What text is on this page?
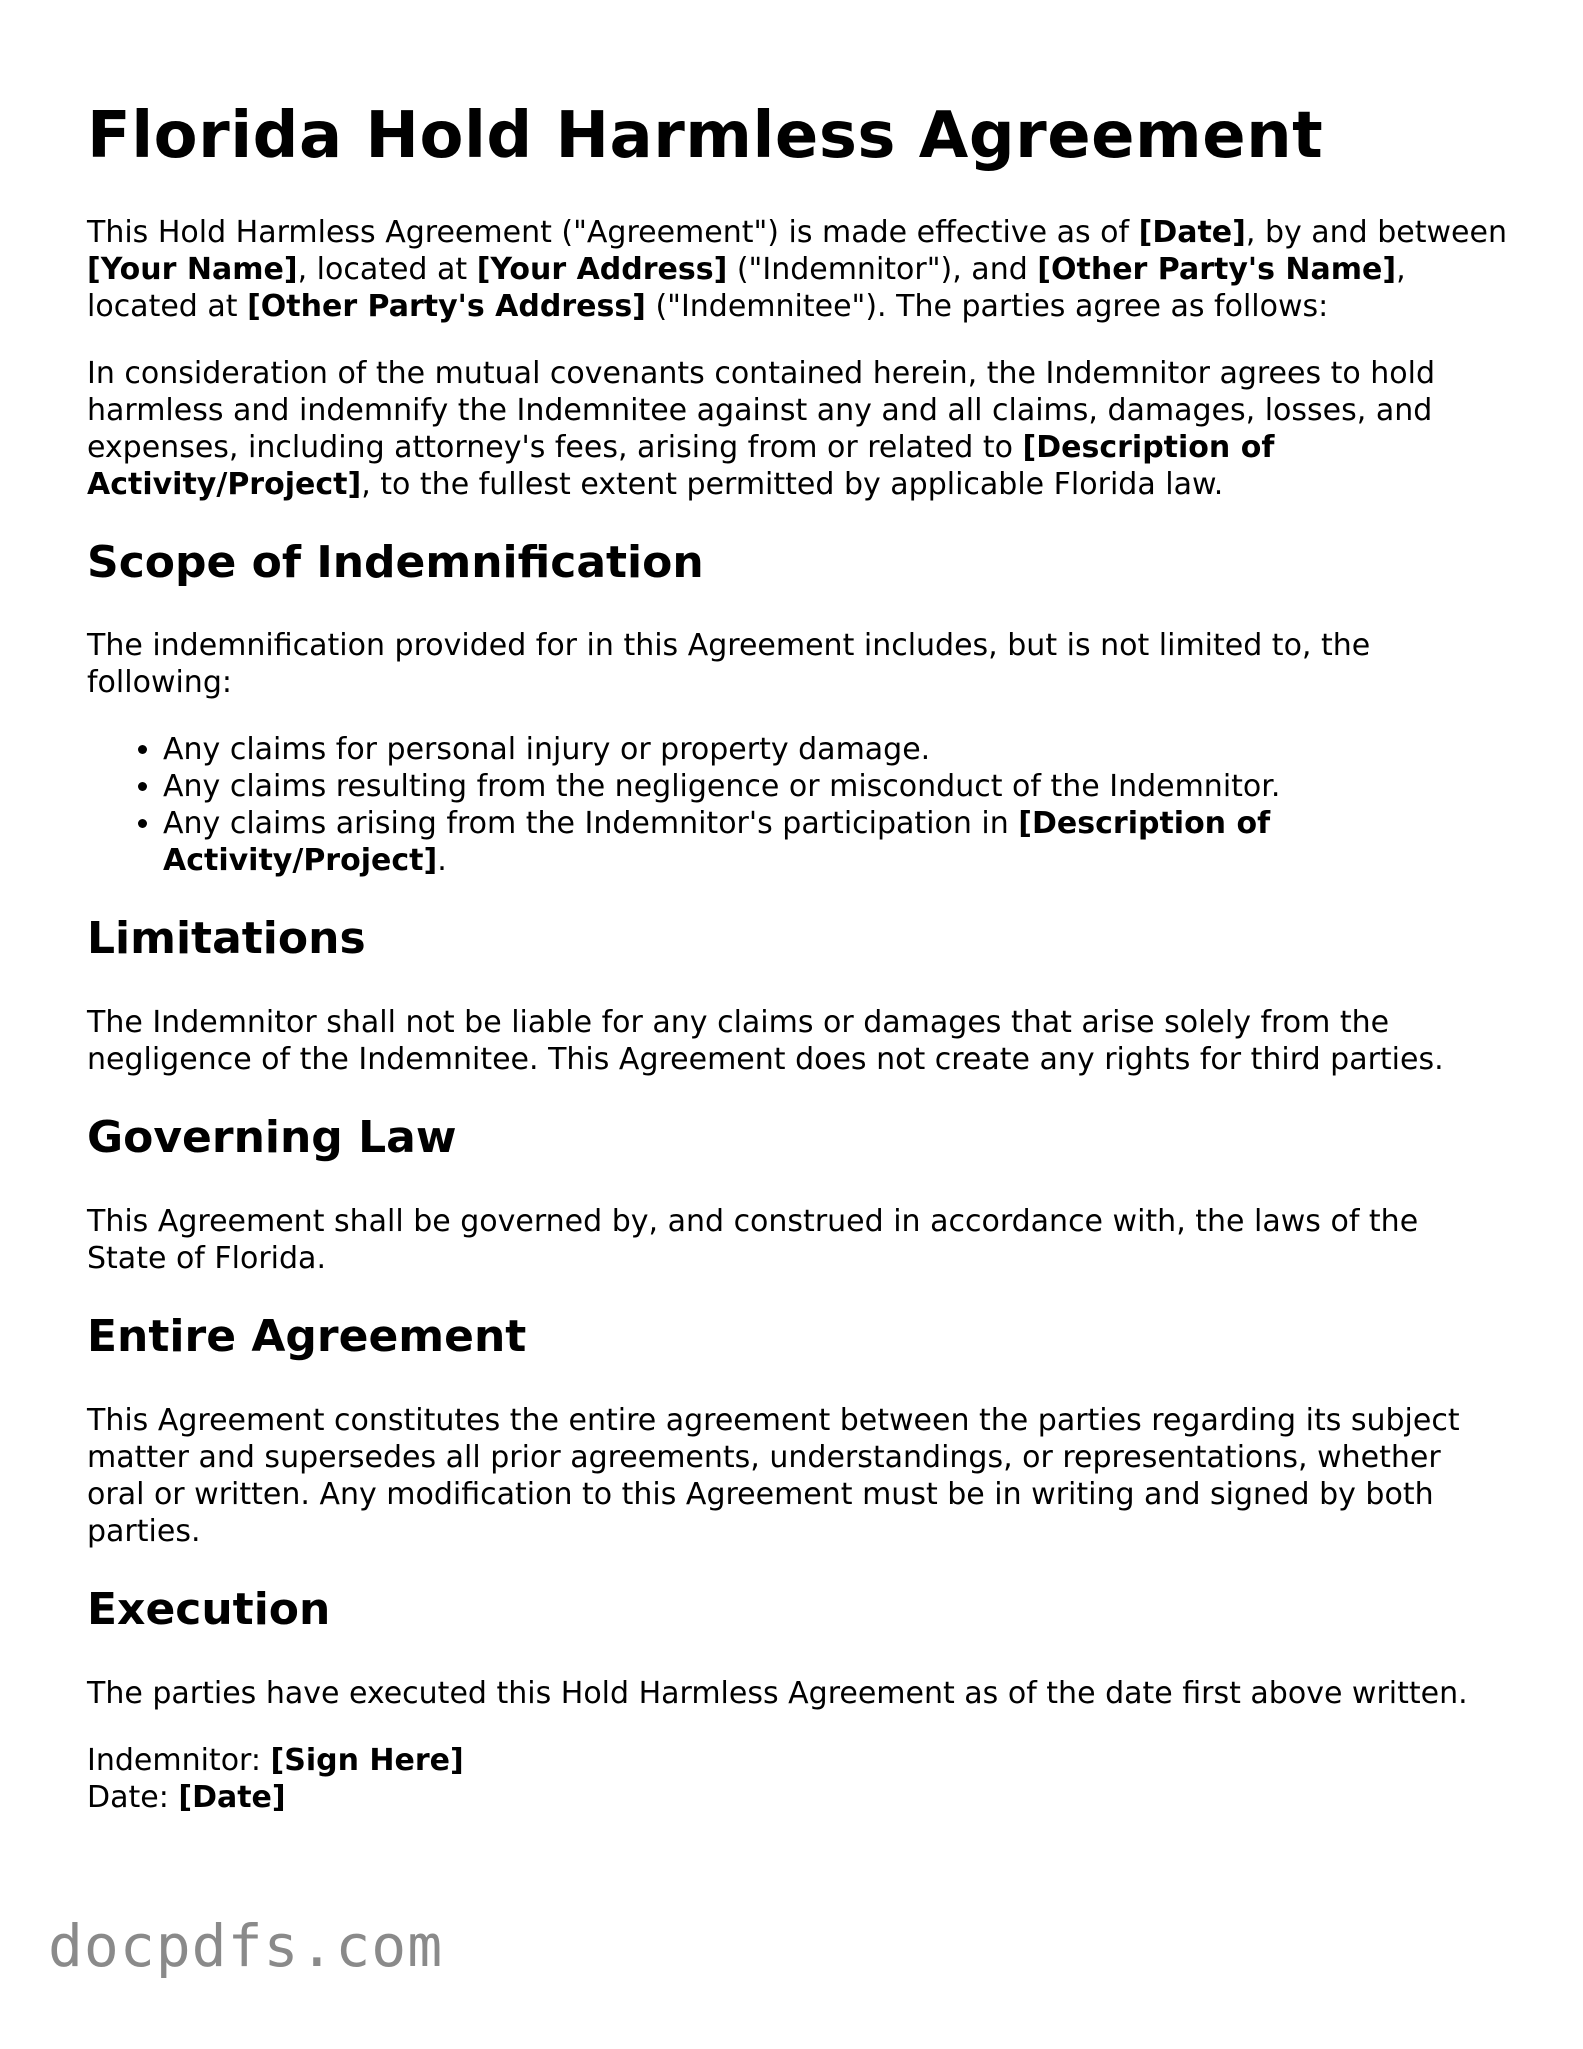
Florida Hold Harmless Agreement

This Hold Harmless Agreement ("Agreement") is made effective as of [Date], by and between [Your Name], located at [Your Address] ("Indemnitor"), and [Other Party's Name], located at [Other Party's Address] ("Indemnitee"). The parties agree as follows:

In consideration of the mutual covenants contained herein, the Indemnitor agrees to hold harmless and indemnify the Indemnitee against any and all claims, damages, losses, and expenses, including attorney's fees, arising from or related to [Description of Activity/Project], to the fullest extent permitted by applicable Florida law.

Scope of Indemnification

The indemnification provided for in this Agreement includes, but is not limited to, the following:

• Any claims for personal injury or property damage.
• Any claims resulting from the negligence or misconduct of the Indemnitor.
• Any claims arising from the Indemnitor's participation in [Description of Activity/Project].
Limitations

The Indemnitor shall not be liable for any claims or damages that arise solely from the negligence of the Indemnitee. This Agreement does not create any rights for third parties.

Governing Law

This Agreement shall be governed by, and construed in accordance with, the laws of the State of Florida.

Entire Agreement

This Agreement constitutes the entire agreement between the parties regarding its subject matter and supersedes all prior agreements, understandings, or representations, whether oral or written. Any modification to this Agreement must be in writing and signed by both parties.

Execution

The parties have executed this Hold Harmless Agreement as of the date first above written.

Indemnitor: [Sign Here]
Date: [Date]

docpdfs.com
